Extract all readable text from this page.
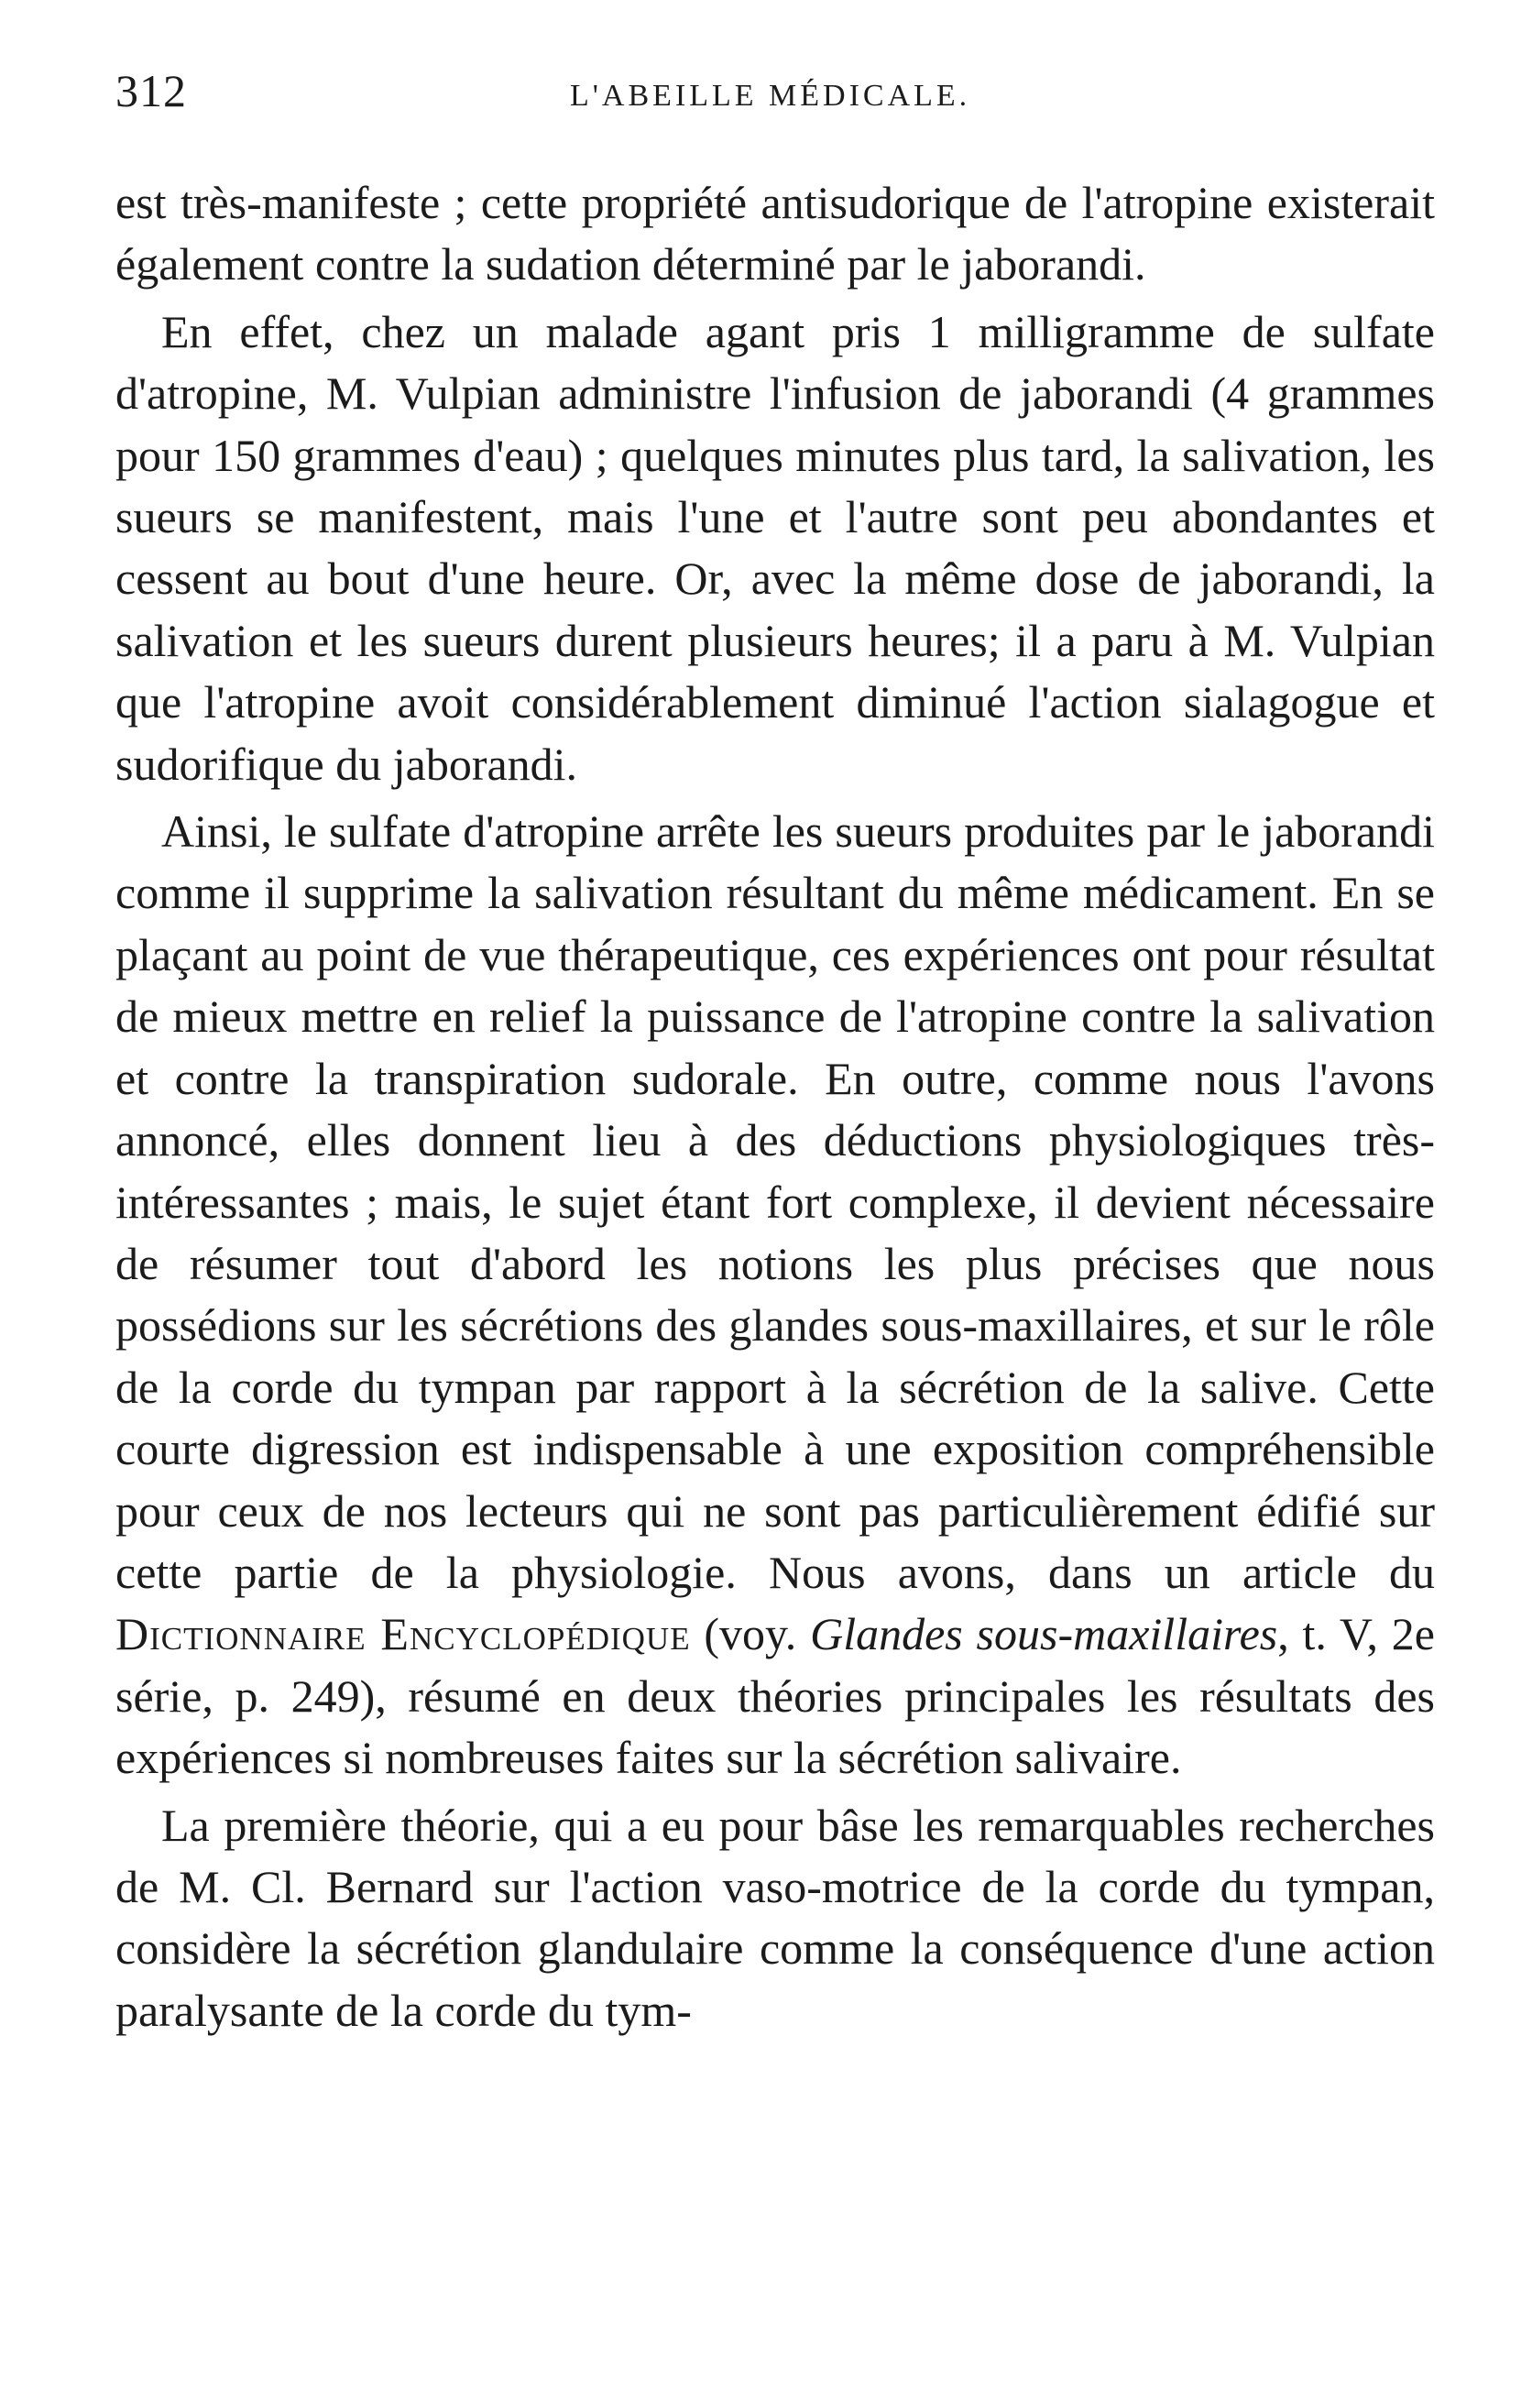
312	L'ABEILLE MÉDICALE.

est très-manifeste ; cette propriété antisudorique de l'atropine existerait également contre la sudation déterminé par le jaborandi.

En effet, chez un malade agant pris 1 milligramme de sulfate d'atropine, M. Vulpian administre l'infusion de jaborandi (4 grammes pour 150 grammes d'eau) ; quelques minutes plus tard, la salivation, les sueurs se manifestent, mais l'une et l'autre sont peu abondantes et cessent au bout d'une heure. Or, avec la même dose de jaborandi, la salivation et les sueurs durent plusieurs heures; il a paru à M. Vulpian que l'atropine avoit considérablement diminué l'action sialagogue et sudorifique du jaborandi.

Ainsi, le sulfate d'atropine arrête les sueurs produites par le jaborandi comme il supprime la salivation résultant du même médicament. En se plaçant au point de vue thérapeutique, ces expériences ont pour résultat de mieux mettre en relief la puissance de l'atropine contre la salivation et contre la transpiration sudorale. En outre, comme nous l'avons annoncé, elles donnent lieu à des déductions physiologiques très-intéressantes ; mais, le sujet étant fort complexe, il devient nécessaire de résumer tout d'abord les notions les plus précises que nous possédions sur les sécrétions des glandes sous-maxillaires, et sur le rôle de la corde du tympan par rapport à la sécrétion de la salive. Cette courte digression est indispensable à une exposition compréhensible pour ceux de nos lecteurs qui ne sont pas particulièrement édifié sur cette partie de la physiologie. Nous avons, dans un article du Dictionnaire Encyclopédique (voy. Glandes sous-maxillaires, t. V, 2e série, p. 249), résumé en deux théories principales les résultats des expériences si nombreuses faites sur la sécrétion salivaire.

La première théorie, qui a eu pour bâse les remarquables recherches de M. Cl. Bernard sur l'action vaso-motrice de la corde du tympan, considère la sécrétion glandulaire comme la conséquence d'une action paralysante de la corde du tym-
